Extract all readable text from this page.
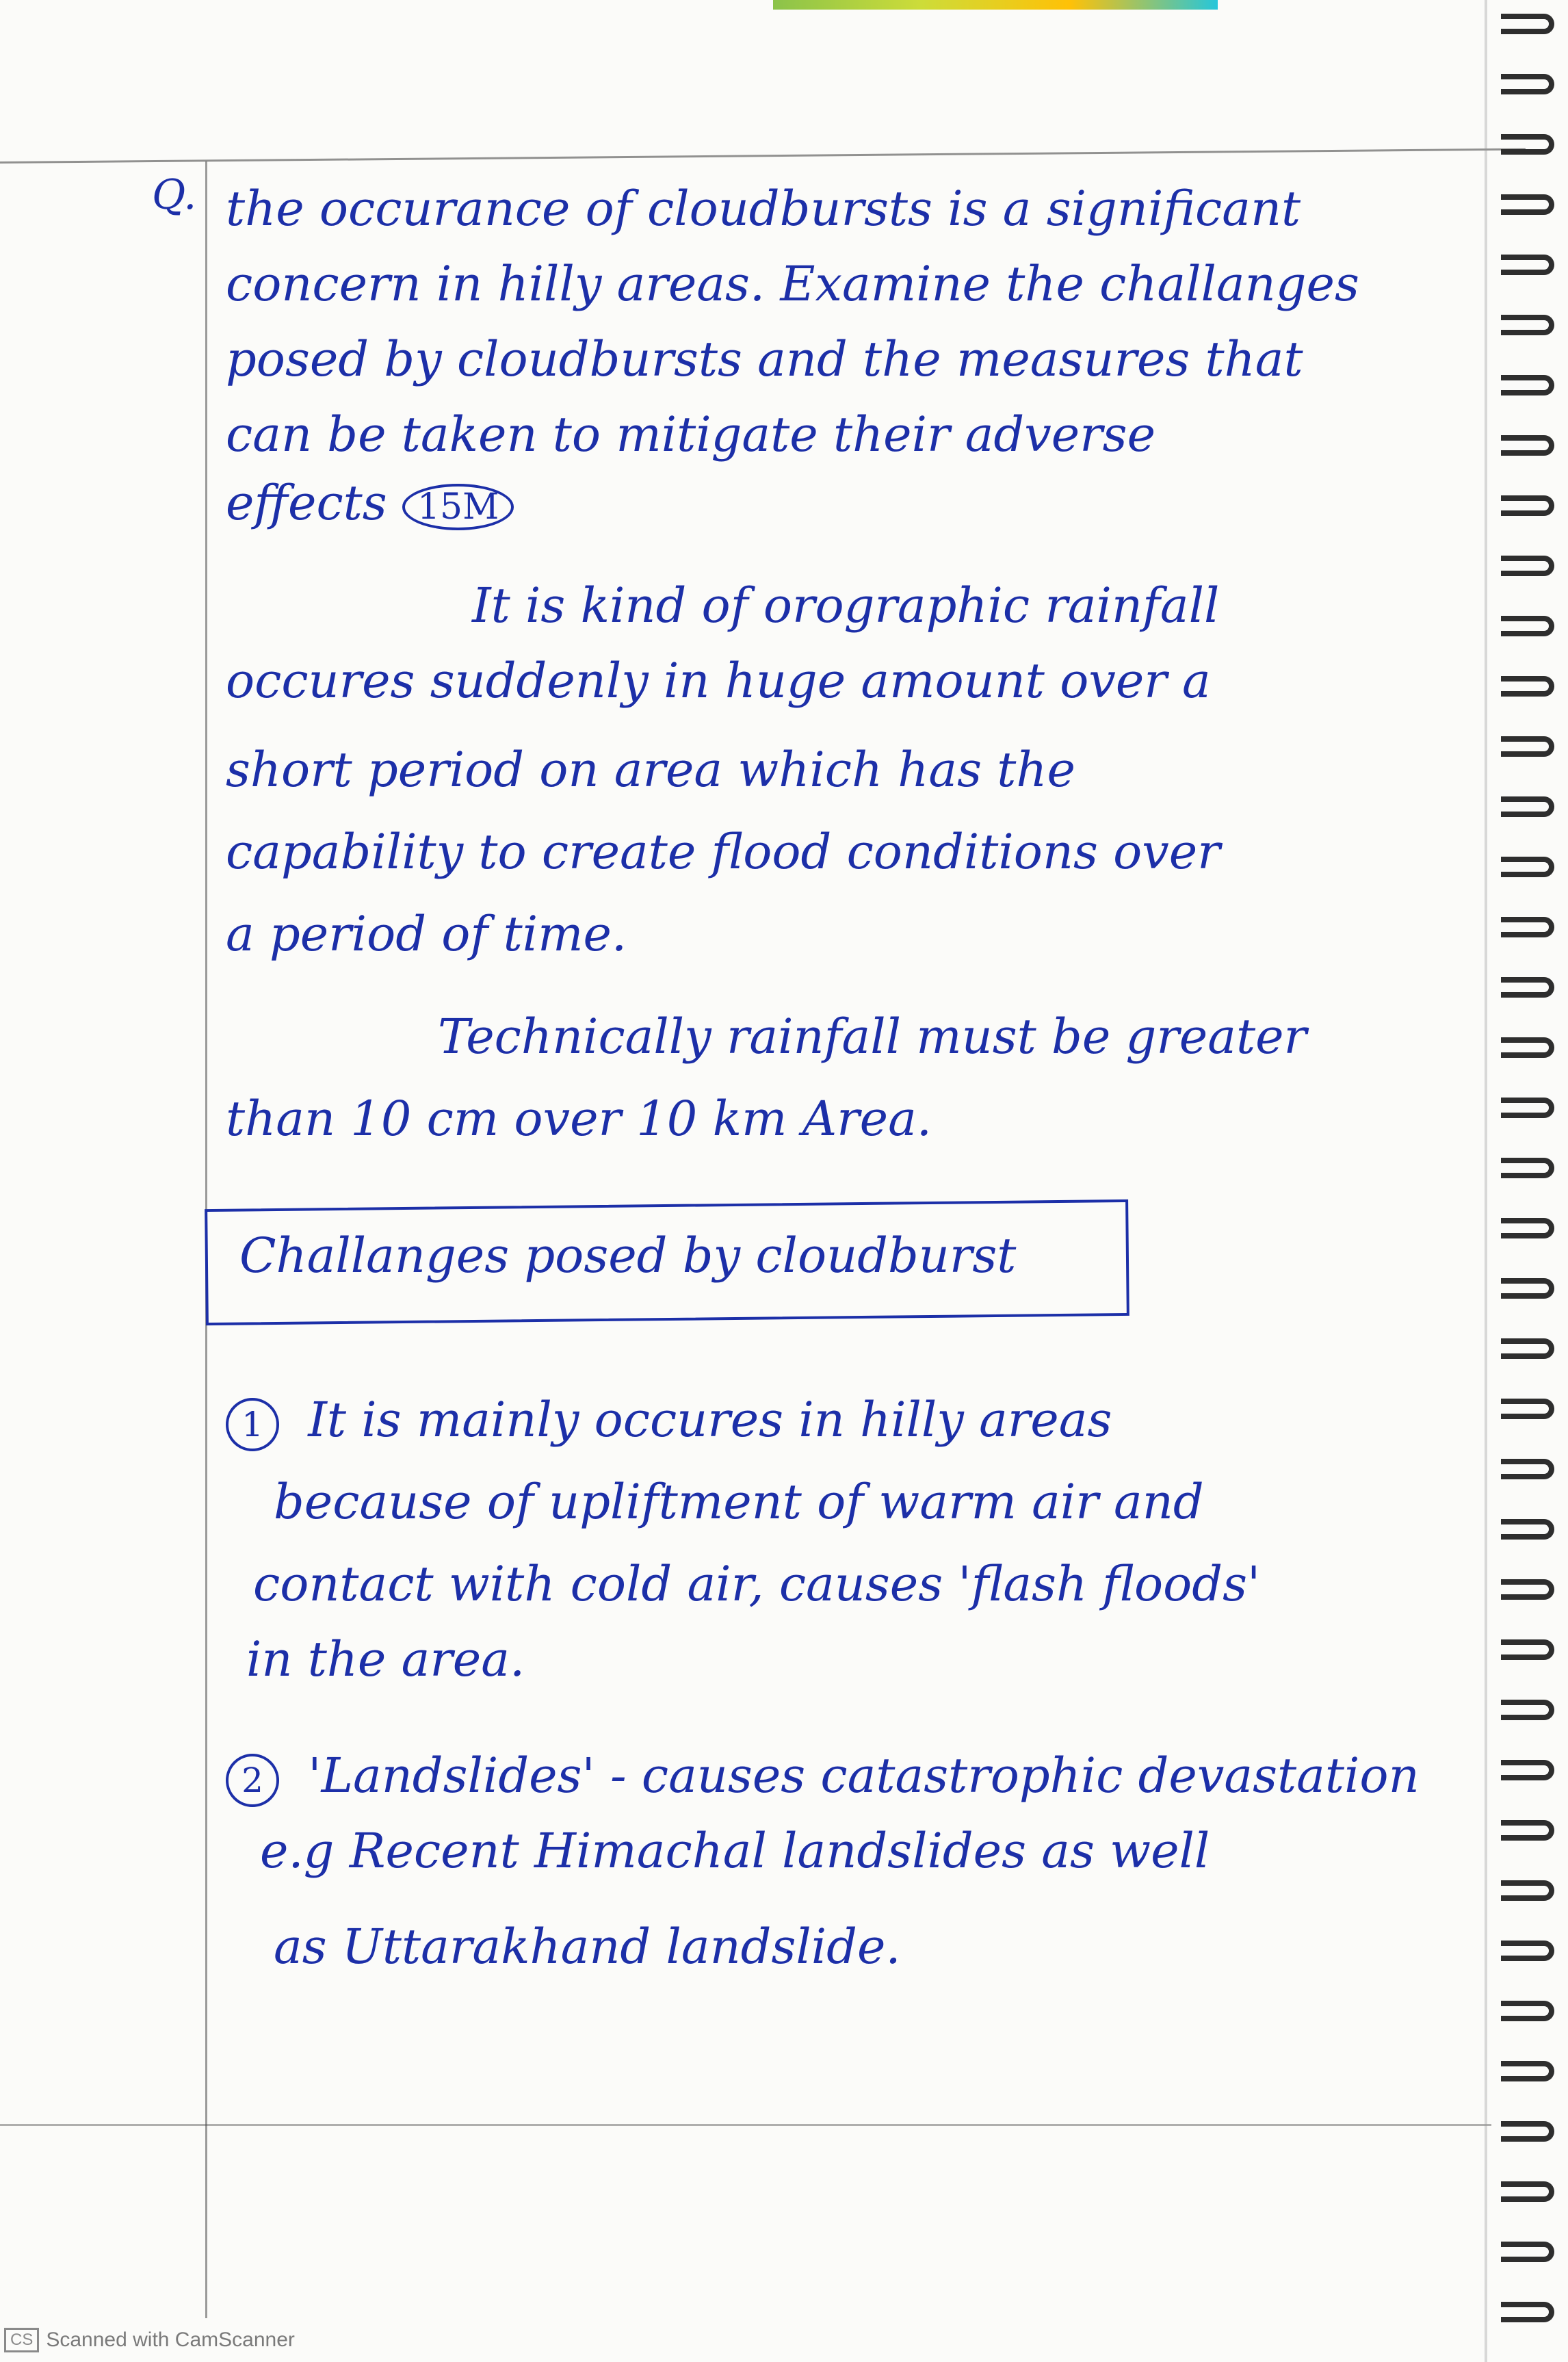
Q. the occurance of cloudbursts is a significant
concern in hilly areas. Examine the challanges
posed by cloudbursts and the measures that
can be taken to mitigate their adverse
effects 15M
It is kind of orographic rainfall
occures suddenly in huge amount over a
short period on area which has the
capability to create flood conditions over
a period of time.
Technically rainfall must be greater
than 10 cm over 10 km Area.
Challanges posed by cloudburst
1 It is mainly occures in hilly areas
because of upliftment of warm air and
contact with cold air, causes 'flash floods'
in the area.
2 'Landslides' - causes catastrophic devastation
e.g Recent Himachal landslides as well
as Uttarakhand landslide.
CS Scanned with CamScanner
